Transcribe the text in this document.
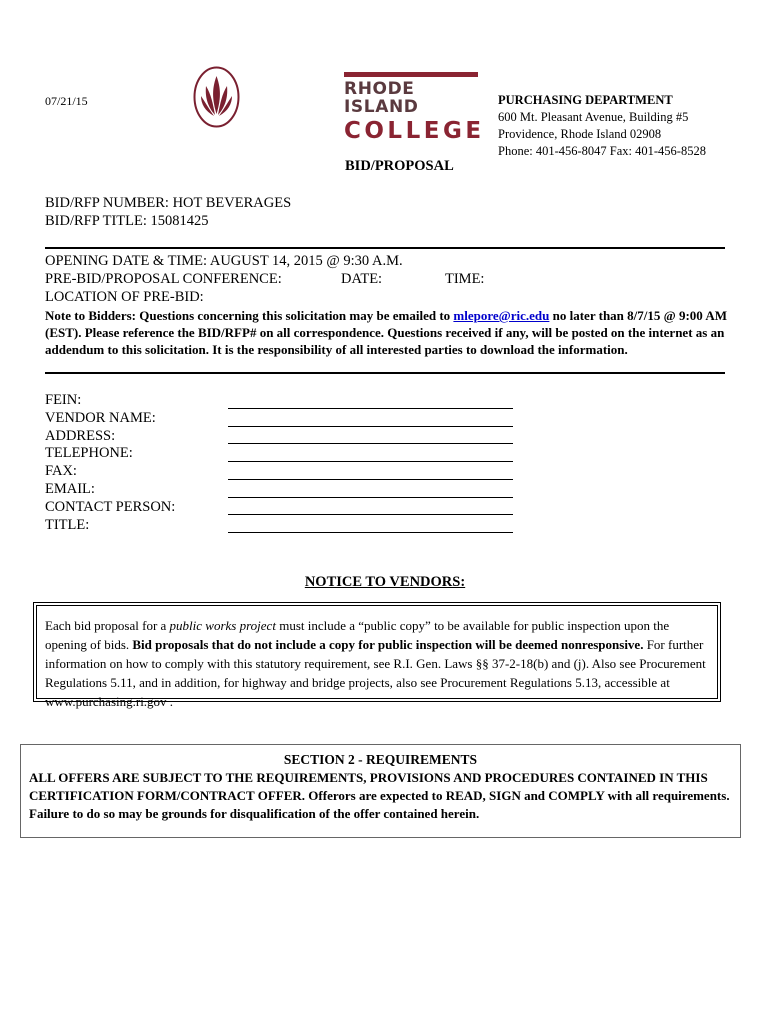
07/21/15
RHODE ISLAND
COLLEGE
PURCHASING DEPARTMENT
600 Mt. Pleasant Avenue, Building #5
Providence, Rhode Island 02908
Phone: 401-456-8047 Fax: 401-456-8528
BID/PROPOSAL
BID/RFP NUMBER: HOT BEVERAGES
BID/RFP TITLE: 15081425
OPENING DATE & TIME: AUGUST 14, 2015 @ 9:30 A.M.
PRE-BID/PROPOSAL CONFERENCE:	DATE:	TIME:
LOCATION OF PRE-BID:
Note to Bidders: Questions concerning this solicitation may be emailed to mlepore@ric.edu no later than 8/7/15 @ 9:00 AM (EST). Please reference the BID/RFP# on all correspondence. Questions received if any, will be posted on the internet as an addendum to this solicitation. It is the responsibility of all interested parties to download the information.
FEIN:
VENDOR NAME:
ADDRESS:
TELEPHONE:
FAX:
EMAIL:
CONTACT PERSON:
TITLE:
NOTICE TO VENDORS:
Each bid proposal for a public works project must include a “public copy” to be available for public inspection upon the opening of bids. Bid proposals that do not include a copy for public inspection will be deemed nonresponsive. For further information on how to comply with this statutory requirement, see R.I. Gen. Laws §§ 37-2-18(b) and (j). Also see Procurement Regulations 5.11, and in addition, for highway and bridge projects, also see Procurement Regulations 5.13, accessible at www.purchasing.ri.gov .
SECTION 2 - REQUIREMENTS
ALL OFFERS ARE SUBJECT TO THE REQUIREMENTS, PROVISIONS AND PROCEDURES CONTAINED IN THIS CERTIFICATION FORM/CONTRACT OFFER. Offerors are expected to READ, SIGN and COMPLY with all requirements. Failure to do so may be grounds for disqualification of the offer contained herein.
